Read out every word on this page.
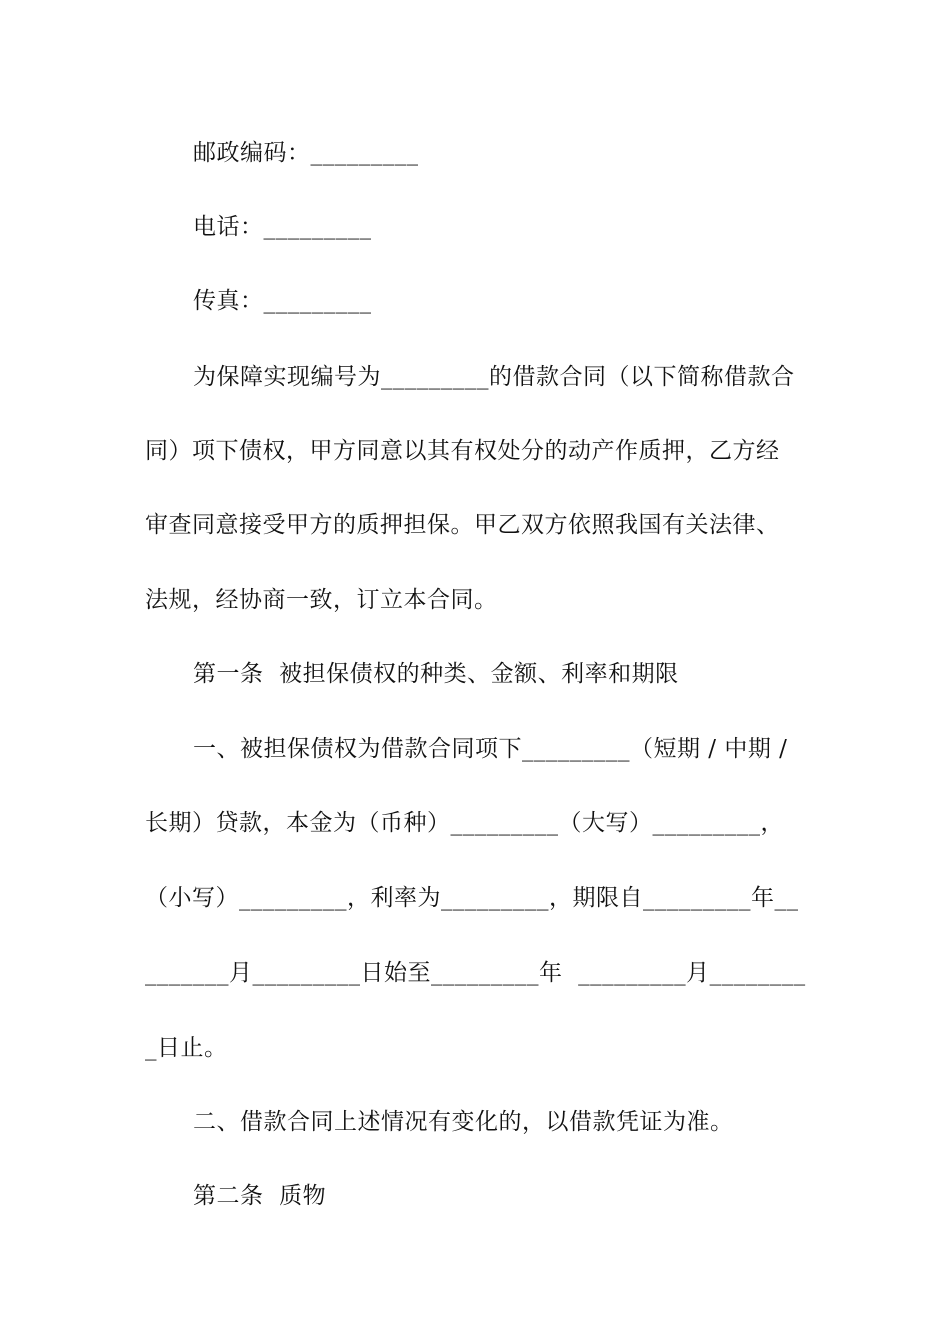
邮政编码：_________
电话：_________
传真：_________
为保障实现编号为_________的借款合同（以下简称借款合
同）项下债权，甲方同意以其有权处分的动产作质押，乙方经
审查同意接受甲方的质押担保。甲乙双方依照我国有关法律、
法规，经协商一致，订立本合同。
第一条  被担保债权的种类、金额、利率和期限
一、被担保债权为借款合同项下_________（短期 / 中期 /
长期）贷款，本金为（币种）_________（大写）_________，
（小写）_________，利率为_________，期限自_________年__
_______月_________日始至_________年  _________月________
_日止。
二、借款合同上述情况有变化的，以借款凭证为准。
第二条  质物
